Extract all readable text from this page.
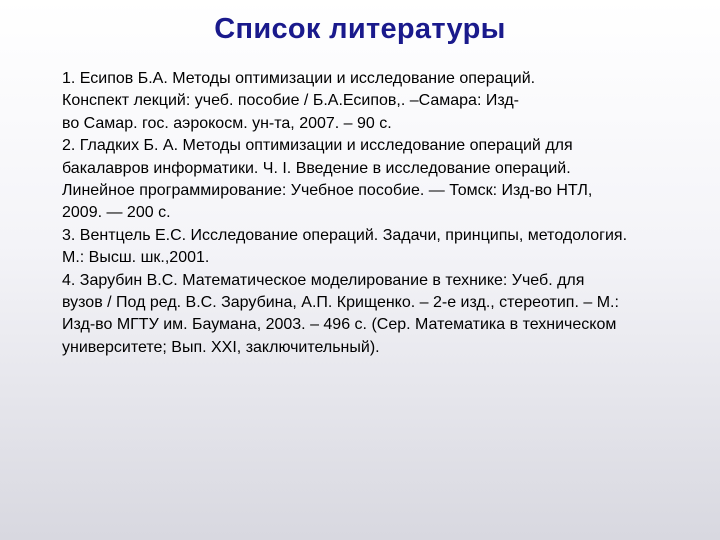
Список литературы
1. Есипов Б.А. Методы оптимизации и исследование операций.
Конспект лекций: учеб. пособие / Б.А.Есипов,. –Самара: Изд-
во Самар. гос. аэрокосм. ун-та, 2007. – 90 с.
2. Гладких Б. А. Методы оптимизации и исследование операций для
бакалавров информатики. Ч. I. Введение в исследование операций.
Линейное программирование: Учебное пособие. — Томск: Изд-во НТЛ,
2009. — 200 с.
3. Вентцель Е.С. Исследование операций. Задачи, принципы, методология.
М.: Высш. шк.,2001.
4. Зарубин В.С. Математическое моделирование в технике: Учеб. для
вузов / Под ред. В.С. Зарубина, А.П. Крищенко. – 2-е изд., стереотип. – М.:
Изд-во МГТУ им. Баумана, 2003. – 496 с. (Сер. Математика в техническом
университете; Вып. XXI, заключительный).
